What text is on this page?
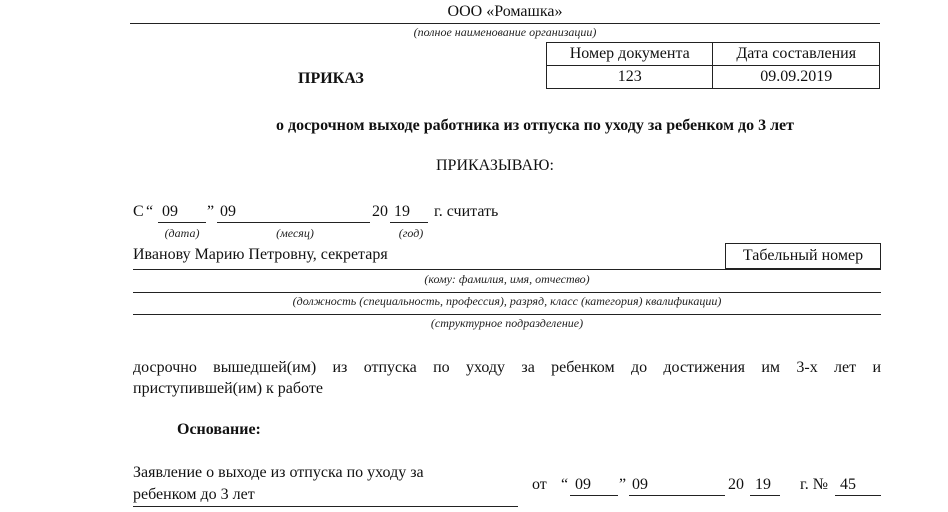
ООО «Ромашка»
(полное наименование организации)
Номер документа	Дата составления
123	09.09.2019
ПРИКАЗ
о досрочном выходе работника из отпуска по уходу за ребенком до 3 лет
ПРИКАЗЫВАЮ:
С “ 09 ” 09	20 19 г. считать
(дата)	(месяц)	(год)
Иванову Марию Петровну, секретаря	Табельный номер
(кому: фамилия, имя, отчество)
(должность (специальность, профессия), разряд, класс (категория) квалификации)
(структурное подразделение)
досрочно вышедшей(им) из отпуска по уходу за ребенком до достижения им 3-х лет и
приступившей(им) к работе
Основание:
Заявление о выходе из отпуска по уходу за
ребенком до 3 лет
от “ 09 ” 09	20 19 г. № 45
